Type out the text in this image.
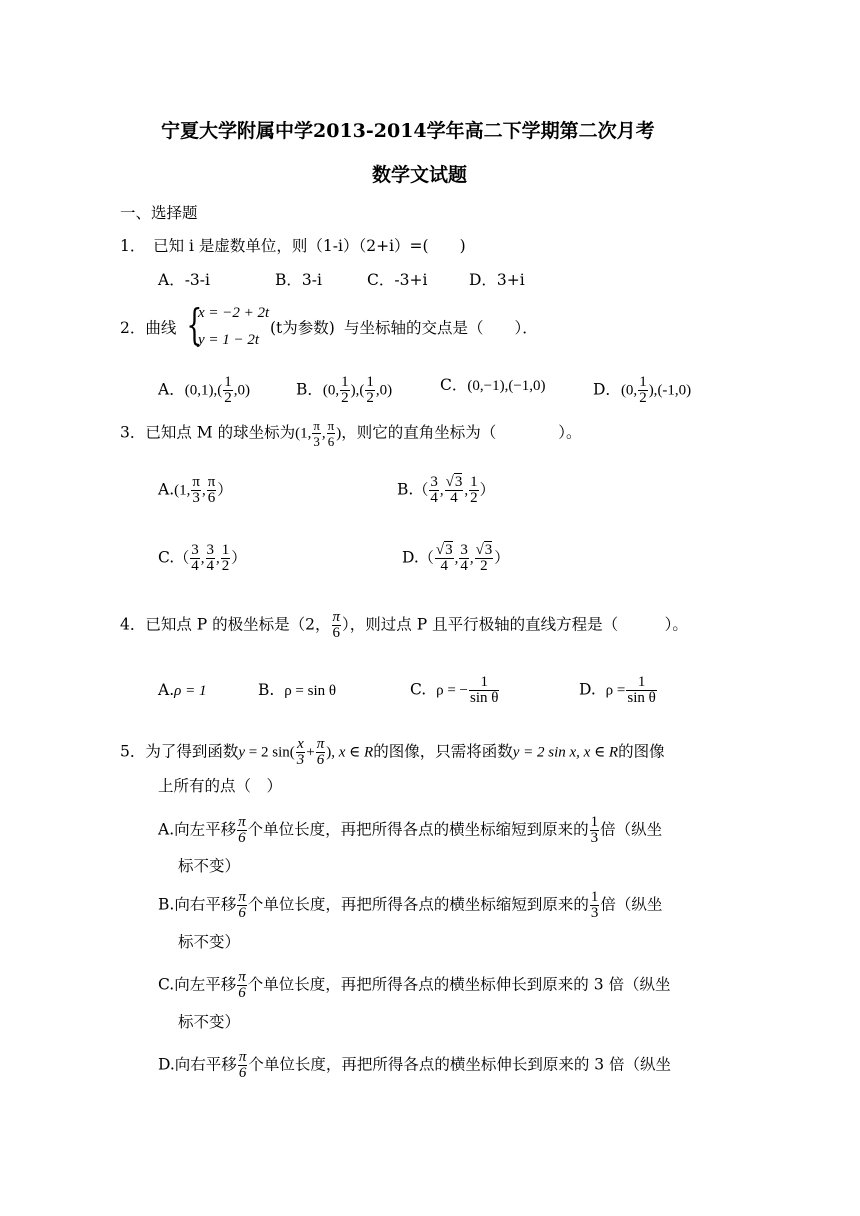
宁夏大学附属中学2013-2014学年高二下学期第二次月考
数学文试题
一、选择题
1．　已知 i 是虚数单位，则（1-i）（2+i）=(　　)
A．-3-i	B．3-i	C．-3+i	D．3+i
2．曲线 {
x = −2 + 2t
y = 1 − 2t
(t为参数) 与坐标轴的交点是（　　）．
A．$(0,1),( \frac{1}{2} ,0)$	B．(0, $\frac{1}{2}$ ),( $\frac{1}{2} ,0$)	C．(0,−1),(−1,0)	D．(0, $\frac{1}{2} ),(-1,0)$
3．已知点 M 的球坐标为(1, $\frac{\pi}{3}$ , $\frac{\pi}{6}$ )，则它的直角坐标为（　　　　）。
A.(1, $\frac{\pi}{3}$ , $\frac{\pi}{6}$ ）	$B.( \frac{3}{4}$ , $\frac{√3}{4}$ , $\frac{1}{2}$ ）
$C.( \frac{3}{4}$ , $\frac{3}{4}$ , $\frac{1}{2}$ ）	$D.( \frac{√3}{4}$ , $\frac{3}{4}$ , $\frac{√3}{2}$ ）
4．已知点 P 的极坐标是（2， $\frac{\pi}{6}$ ），则过点 P 且平行极轴的直线方程是（　　　）。
A.ρ = 1	B. ρ = sin θ	C. ρ = − $\frac{1}{\text{sin θ}}$	D. $\rho = \frac{1}{\text{sin θ}}$
5．为了得到函数y = 2 $\sin( \frac{x}{3} + \frac{\pi}{6}$ ), x ∈ R的图像，只需将函数y = 2 sin x, x ∈ R的图像
上所有的点（　）
A.向左平移 $\frac{\pi}{6}$ 个单位长度，再把所得各点的横坐标缩短到原来的 $\frac{1}{3}$ 倍（纵坐
标不变）
B.向右平移 $\frac{\pi}{6}$ 个单位长度，再把所得各点的横坐标缩短到原来的 $\frac{1}{3}$ 倍（纵坐
标不变）
C.向左平移 $\frac{\pi}{6}$ 个单位长度，再把所得各点的横坐标伸长到原来的 3 倍（纵坐
标不变）
D.向右平移 $\frac{\pi}{6}$ 个单位长度，再把所得各点的横坐标伸长到原来的 3 倍（纵坐
